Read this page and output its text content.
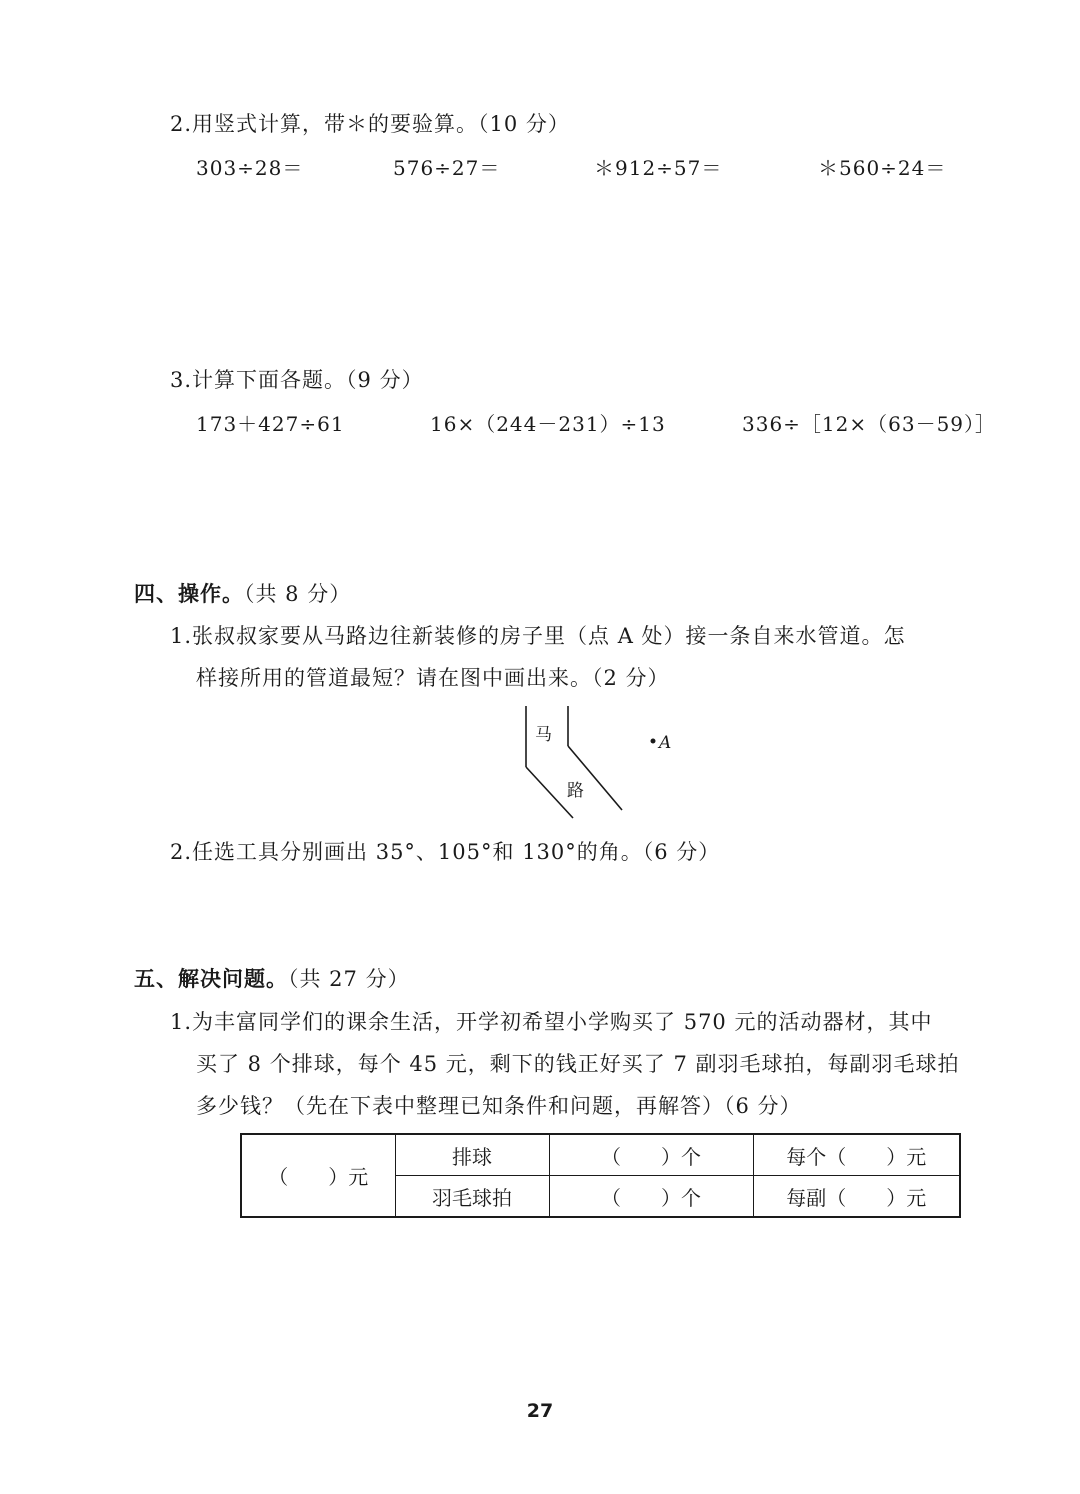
2.用竖式计算，带＊的要验算。（10 分）
303÷28＝	576÷27＝	＊912÷57＝	＊560÷24＝
3.计算下面各题。（9 分）
173＋427÷61	16×（244－231）÷13	336÷［12×（63－59）］
四、操作。（共 8 分）
1.张叔叔家要从马路边往新装修的房子里（点 A 处）接一条自来水管道。怎
样接所用的管道最短？请在图中画出来。（2 分）
马
路
A
2.任选工具分别画出 35°、105°和 130°的角。（6 分）
五、解决问题。（共 27 分）
1.为丰富同学们的课余生活，开学初希望小学购买了 570 元的活动器材，其中
买了 8 个排球，每个 45 元，剩下的钱正好买了 7 副羽毛球拍，每副羽毛球拍
多少钱？（先在下表中整理已知条件和问题，再解答）（6 分）
（　　）元	排球	（　　）个	每个（　　）元
	羽毛球拍	（　　）个	每副（　　）元
27
